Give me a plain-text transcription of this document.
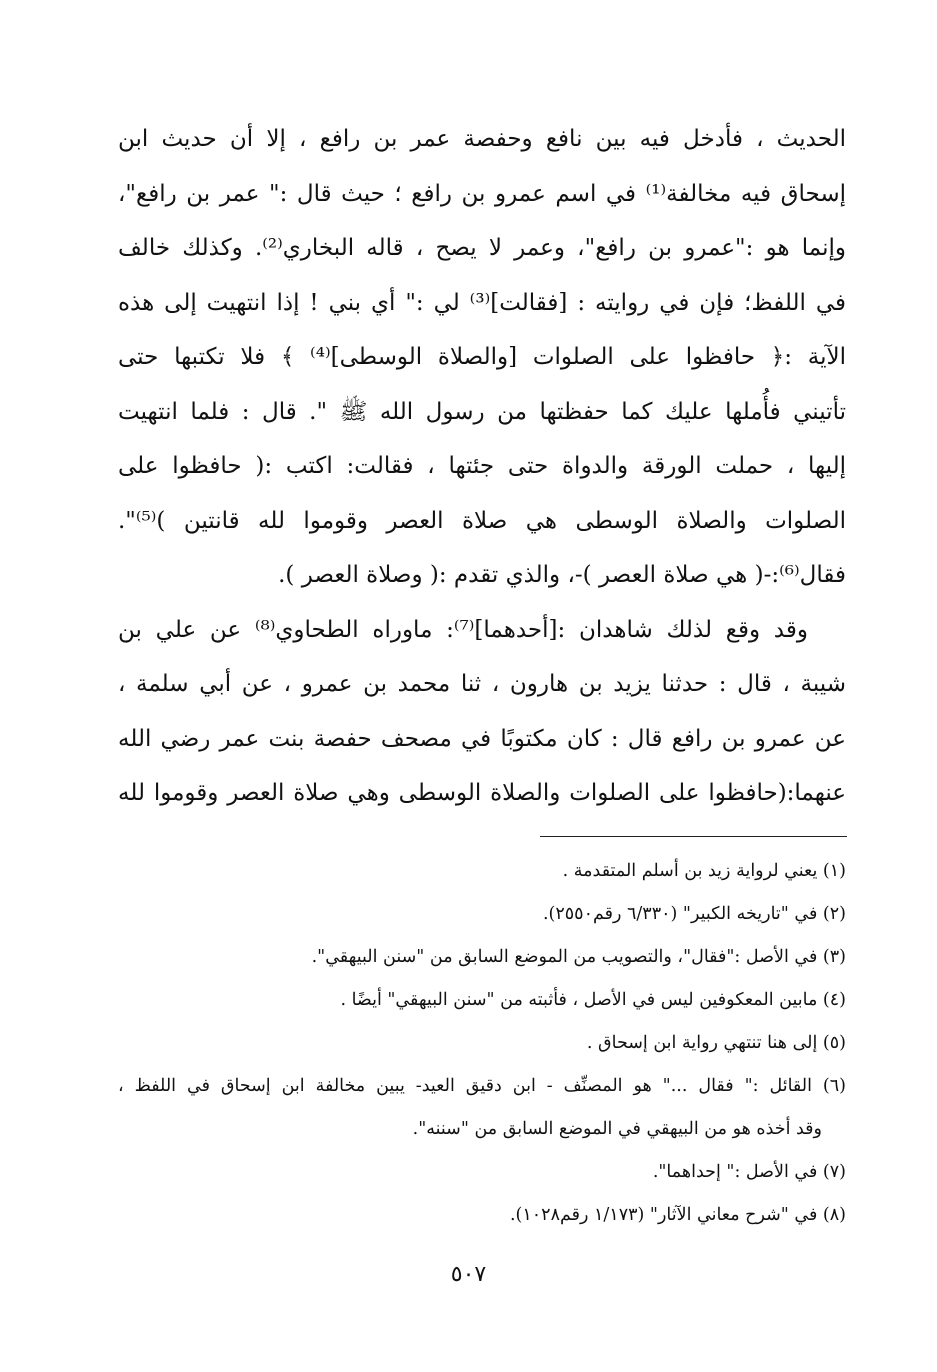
الحديث ، فأدخل فيه بين نافع وحفصة عمر بن رافع ، إلا أن حديث ابن
إسحاق فيه مخالفة⁽¹⁾ في اسم عمرو بن رافع ؛ حيث قال :" عمر بن رافع"،
وإنما هو :"عمرو بن رافع"، وعمر لا يصح ، قاله البخاري⁽²⁾. وكذلك خالف
في اللفظ؛ فإن في روايته : [فقالت]⁽³⁾ لي :" أي بني ! إذا انتهيت إلى هذه
الآية :﴿ حافظوا على الصلوات [والصلاة الوسطى]⁽⁴⁾ ﴾ فلا تكتبها حتى
تأتيني فأُملها عليك كما حفظتها من رسول الله ﷺ ". قال : فلما انتهيت
إليها ، حملت الورقة والدواة حتى جئتها ، فقالت: اكتب :( حافظوا على
الصلوات والصلاة الوسطى هي صلاة العصر وقوموا لله قانتين )⁽⁵⁾".
فقال⁽⁶⁾:-( هي صلاة العصر )-، والذي تقدم :( وصلاة العصر ).
وقد وقع لذلك شاهدان :[أحدهما]⁽⁷⁾: ماوراه الطحاوي⁽⁸⁾ عن علي بن
شيبة ، قال : حدثنا يزيد بن هارون ، ثنا محمد بن عمرو ، عن أبي سلمة ،
عن عمرو بن رافع قال : كان مكتوبًا في مصحف حفصة بنت عمر رضي الله
عنهما:(حافظوا على الصلوات والصلاة الوسطى وهي صلاة العصر وقوموا لله
(١) يعني لرواية زيد بن أسلم المتقدمة .
(٢) في "تاريخه الكبير" (٦/٣٣٠ رقم٢٥٥٠).
(٣) في الأصل :"فقال"، والتصويب من الموضع السابق من "سنن البيهقي".
(٤) مابين المعكوفين ليس في الأصل ، فأثبته من "سنن البيهقي" أيضًا .
(٥) إلى هنا تنتهي رواية ابن إسحاق .
(٦) القائل :" فقال ..." هو المصنِّف - ابن دقيق العيد- يبين مخالفة ابن إسحاق في اللفظ ،
وقد أخذه هو من البيهقي في الموضع السابق من "سننه".
(٧) في الأصل :" إحداهما".
(٨) في "شرح معاني الآثار" (١/١٧٣ رقم١٠٢٨).
٥٠٧
